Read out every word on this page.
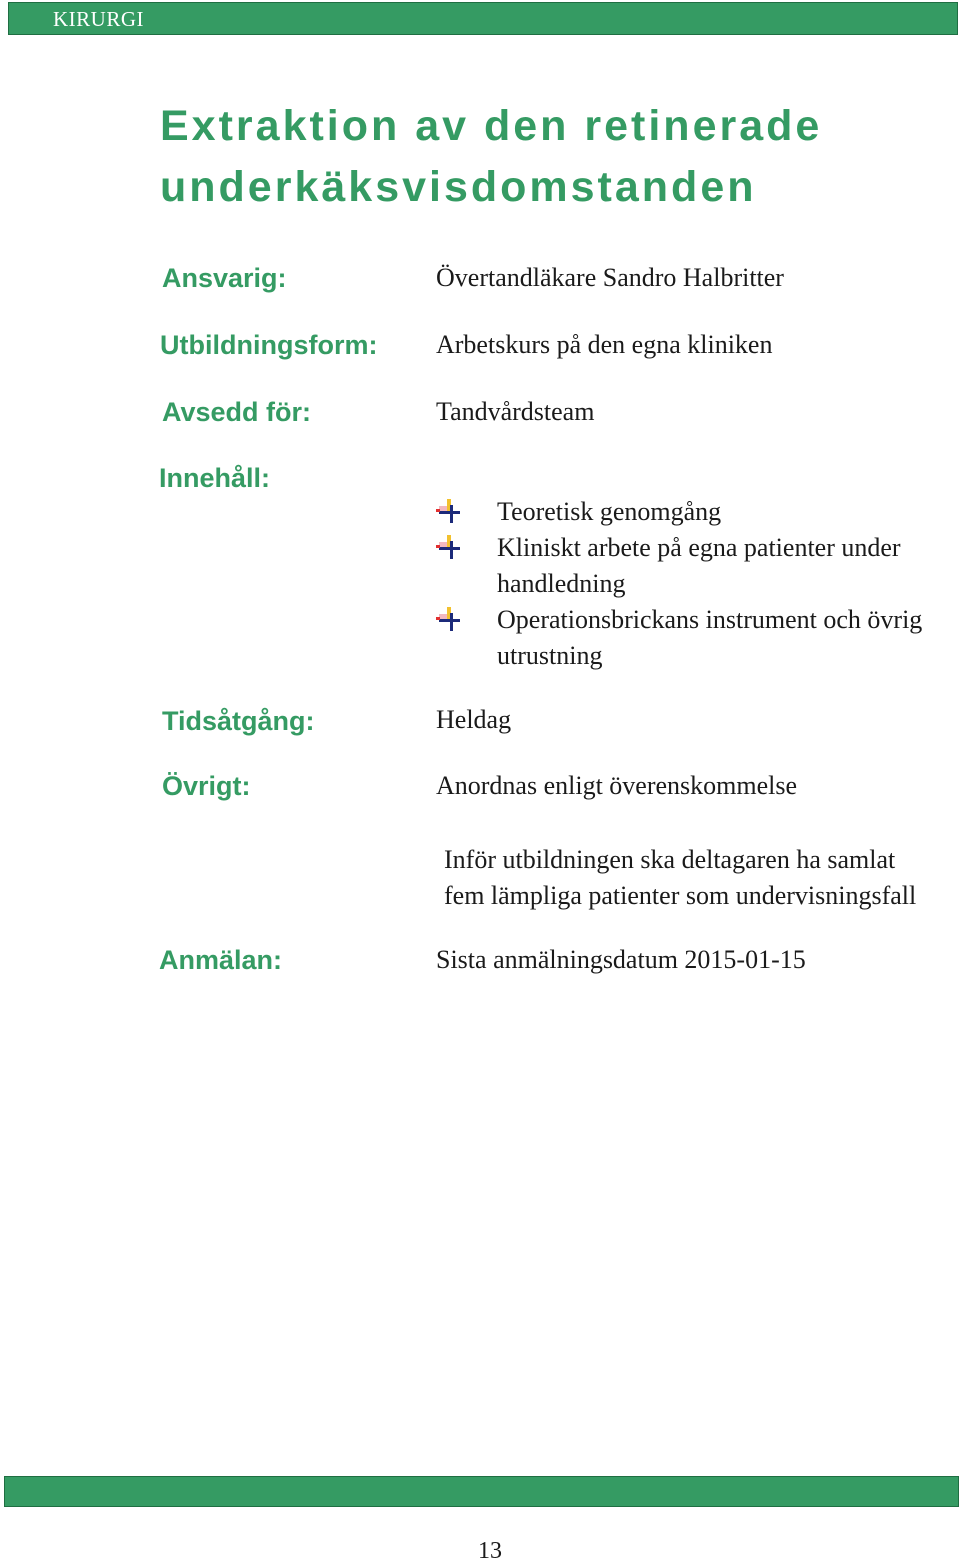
KIRURGI
Extraktion av den retinerade
underkäksvisdomstanden
Ansvarig:	Övertandläkare Sandro Halbritter
Utbildningsform: Arbetskurs på den egna kliniken
Avsedd för:	Tandvårdsteam
Innehåll:
Teoretisk genomgång
Kliniskt arbete på egna patienter under handledning
Operationsbrickans instrument och övrig utrustning
Tidsåtgång:	Heldag
Övrigt:	Anordnas enligt överenskommelse
Inför utbildningen ska deltagaren ha samlat
fem lämpliga patienter som undervisningsfall
Anmälan:	Sista anmälningsdatum 2015-01-15
13
